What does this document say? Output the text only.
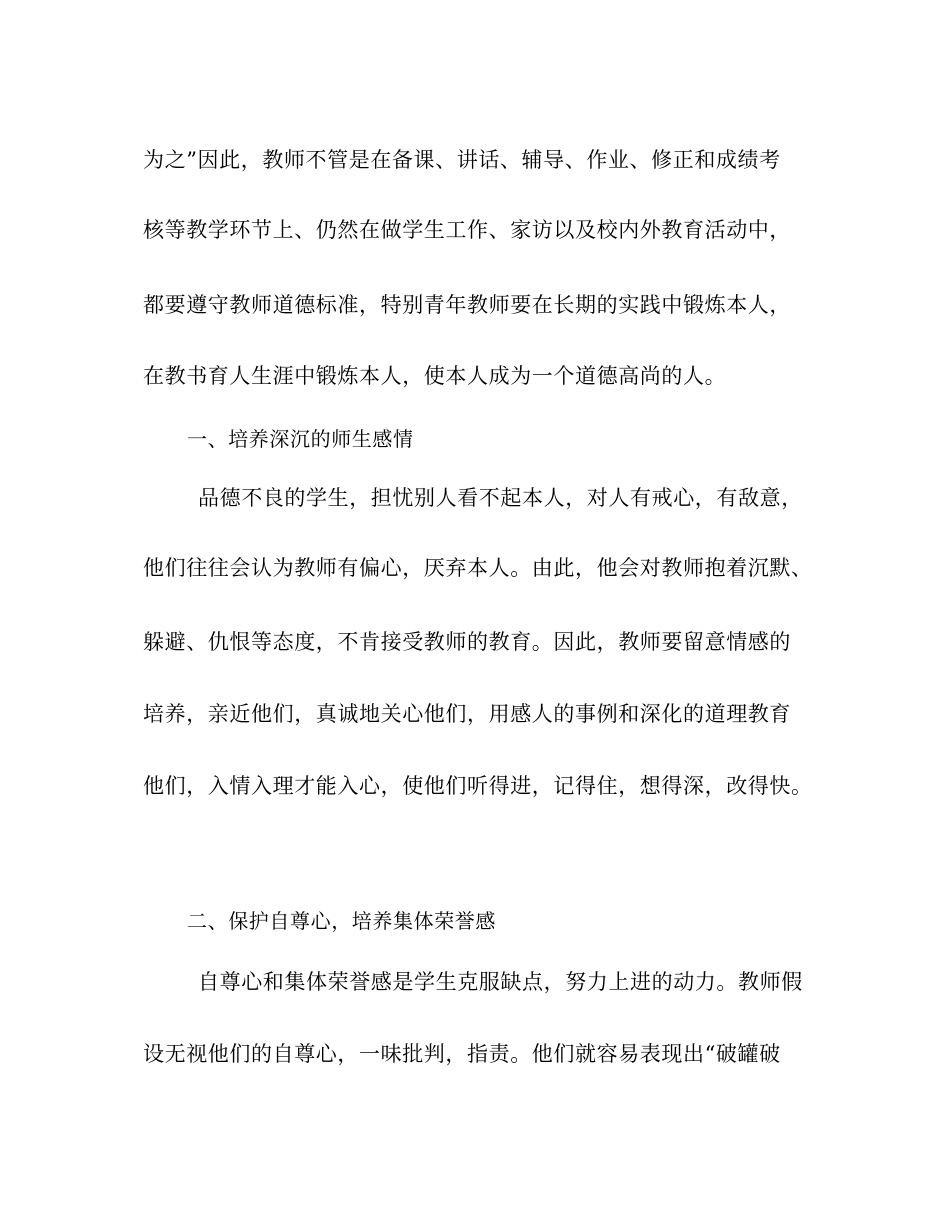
为之”因此，教师不管是在备课、讲话、辅导、作业、修正和成绩考
核等教学环节上、仍然在做学生工作、家访以及校内外教育活动中，
都要遵守教师道德标准，特别青年教师要在长期的实践中锻炼本人，
在教书育人生涯中锻炼本人，使本人成为一个道德高尚的人。
一、培养深沉的师生感情
品德不良的学生，担忧别人看不起本人，对人有戒心，有敌意，
他们往往会认为教师有偏心，厌弃本人。由此，他会对教师抱着沉默、
躲避、仇恨等态度，不肯接受教师的教育。因此，教师要留意情感的
培养，亲近他们，真诚地关心他们，用感人的事例和深化的道理教育
他们，入情入理才能入心，使他们听得进，记得住，想得深，改得快。
二、保护自尊心，培养集体荣誉感
自尊心和集体荣誉感是学生克服缺点，努力上进的动力。教师假
设无视他们的自尊心，一味批判，指责。他们就容易表现出“破罐破
